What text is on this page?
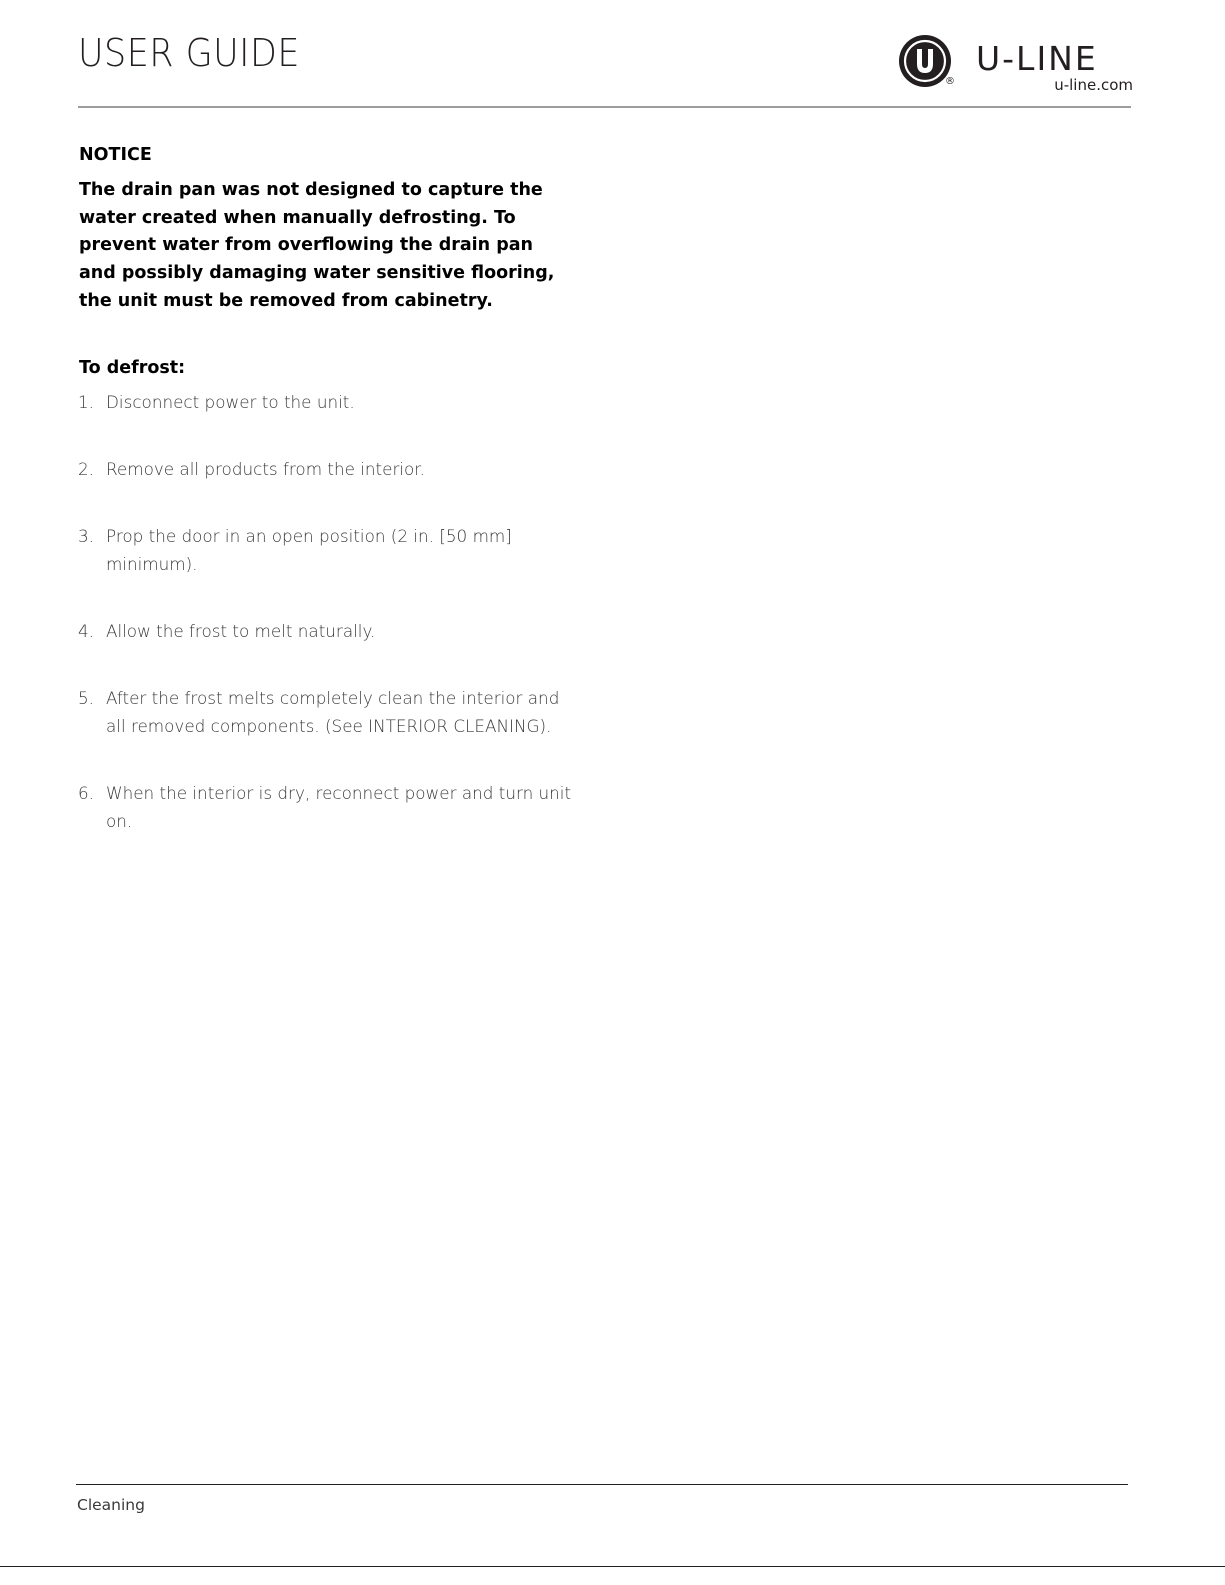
USER GUIDE
®
U-LINE
u-line.com
NOTICE
The drain pan was not designed to capture the
water created when manually defrosting. To
prevent water from overflowing the drain pan
and possibly damaging water sensitive flooring,
the unit must be removed from cabinetry.
To defrost:
1. Disconnect power to the unit.
2. Remove all products from the interior.
3. Prop the door in an open position (2 in. [50 mm]
minimum).
4. Allow the frost to melt naturally.
5. After the frost melts completely clean the interior and
all removed components. (See INTERIOR CLEANING).
6. When the interior is dry, reconnect power and turn unit
on.
Cleaning
